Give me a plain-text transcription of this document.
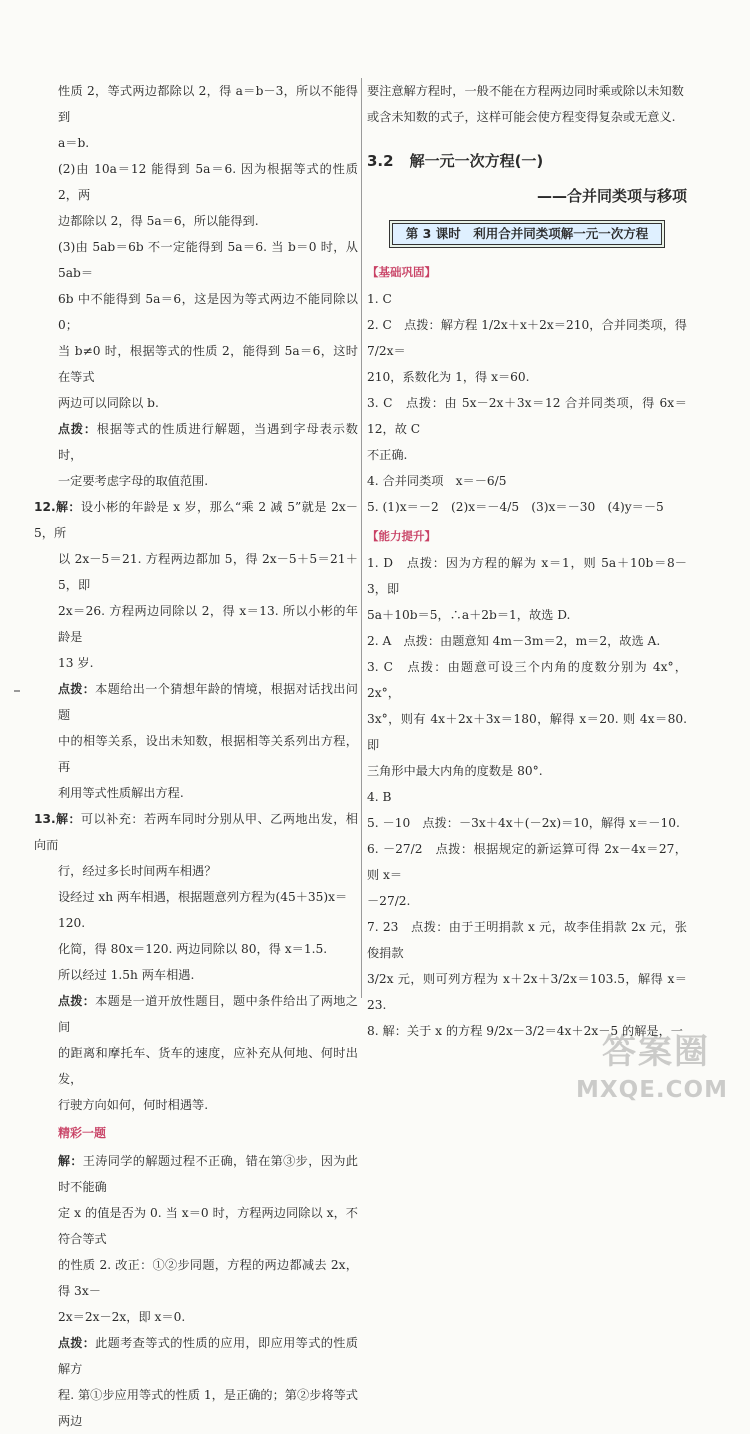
性质 2，等式两边都除以 2，得 a＝b－3，所以不能得到

a＝b.

(2)由 10a＝12 能得到 5a＝6. 因为根据等式的性质 2，两

边都除以 2，得 5a＝6，所以能得到.

(3)由 5ab＝6b 不一定能得到 5a＝6. 当 b＝0 时，从 5ab＝

6b 中不能得到 5a＝6，这是因为等式两边不能同除以 0；

当 b≠0 时，根据等式的性质 2，能得到 5a＝6，这时在等式

两边可以同除以 b.

点拨：根据等式的性质进行解题，当遇到字母表示数时，

一定要考虑字母的取值范围.

12.解：设小彬的年龄是 x 岁，那么“乘 2 减 5”就是 2x－5，所

以 2x－5＝21. 方程两边都加 5，得 2x－5＋5＝21＋5，即

2x＝26. 方程两边同除以 2，得 x＝13. 所以小彬的年龄是

13 岁.

点拨：本题给出一个猜想年龄的情境，根据对话找出问题

中的相等关系，设出未知数，根据相等关系列出方程，再

利用等式性质解出方程.

13.解：可以补充：若两车同时分别从甲、乙两地出发，相向而

行，经过多长时间两车相遇？

设经过 xh 两车相遇，根据题意列方程为(45＋35)x＝

120.

化简，得 80x＝120. 两边同除以 80，得 x＝1.5.

所以经过 1.5h 两车相遇.

点拨：本题是一道开放性题目，题中条件给出了两地之间

的距离和摩托车、货车的速度，应补充从何地、何时出发，

行驶方向如何，何时相遇等.

精彩一题

解：王涛同学的解题过程不正确，错在第③步，因为此时不能确

定 x 的值是否为 0. 当 x＝0 时，方程两边同除以 x，不符合等式

的性质 2. 改正：①②步同题，方程的两边都减去 2x，得 3x－

2x＝2x－2x，即 x＝0.

点拨：此题考查等式的性质的应用，即应用等式的性质解方

程. 第①步应用等式的性质 1，是正确的；第②步将等式两边

要注意解方程时，一般不能在方程两边同时乘或除以未知数

或含未知数的式子，这样可能会使方程变得复杂或无意义.

3.2 解一元一次方程(一)
——合并同类项与移项
第 3 课时　利用合并同类项解一元一次方程
【基础巩固】

1. C

2. C　点拨：解方程 1/2x＋x＋2x＝210，合并同类项，得 7/2x＝

210，系数化为 1，得 x＝60.

3. C　点拨：由 5x－2x＋3x＝12 合并同类项，得 6x＝12，故 C

不正确.

4. 合并同类项　x＝－6/5

5. (1)x＝－2　(2)x＝－4/5　(3)x＝－30　(4)y＝－5

【能力提升】

1. D　点拨：因为方程的解为 x＝1，则 5a＋10b＝8－3，即

5a＋10b＝5，∴a＋2b＝1，故选 D.

2. A　点拨：由题意知 4m－3m＝2，m＝2，故选 A.

3. C　点拨：由题意可设三个内角的度数分别为 4x°，2x°，

3x°，则有 4x＋2x＋3x＝180，解得 x＝20. 则 4x＝80. 即

三角形中最大内角的度数是 80°.

4. B

5. －10　点拨：－3x＋4x＋(－2x)＝10，解得 x＝－10.

6. －27/2　点拨：根据规定的新运算可得 2x－4x＝27，则 x＝

－27/2.

7. 23　点拨：由于王明捐款 x 元，故李佳捐款 2x 元，张俊捐款

3/2x 元，则可列方程为 x＋2x＋3/2x＝103.5，解得 x＝23.

8. 解：关于 x 的方程 9/2x－3/2＝4x＋2x－5 的解是，一

答案圈
MXQE.COM
